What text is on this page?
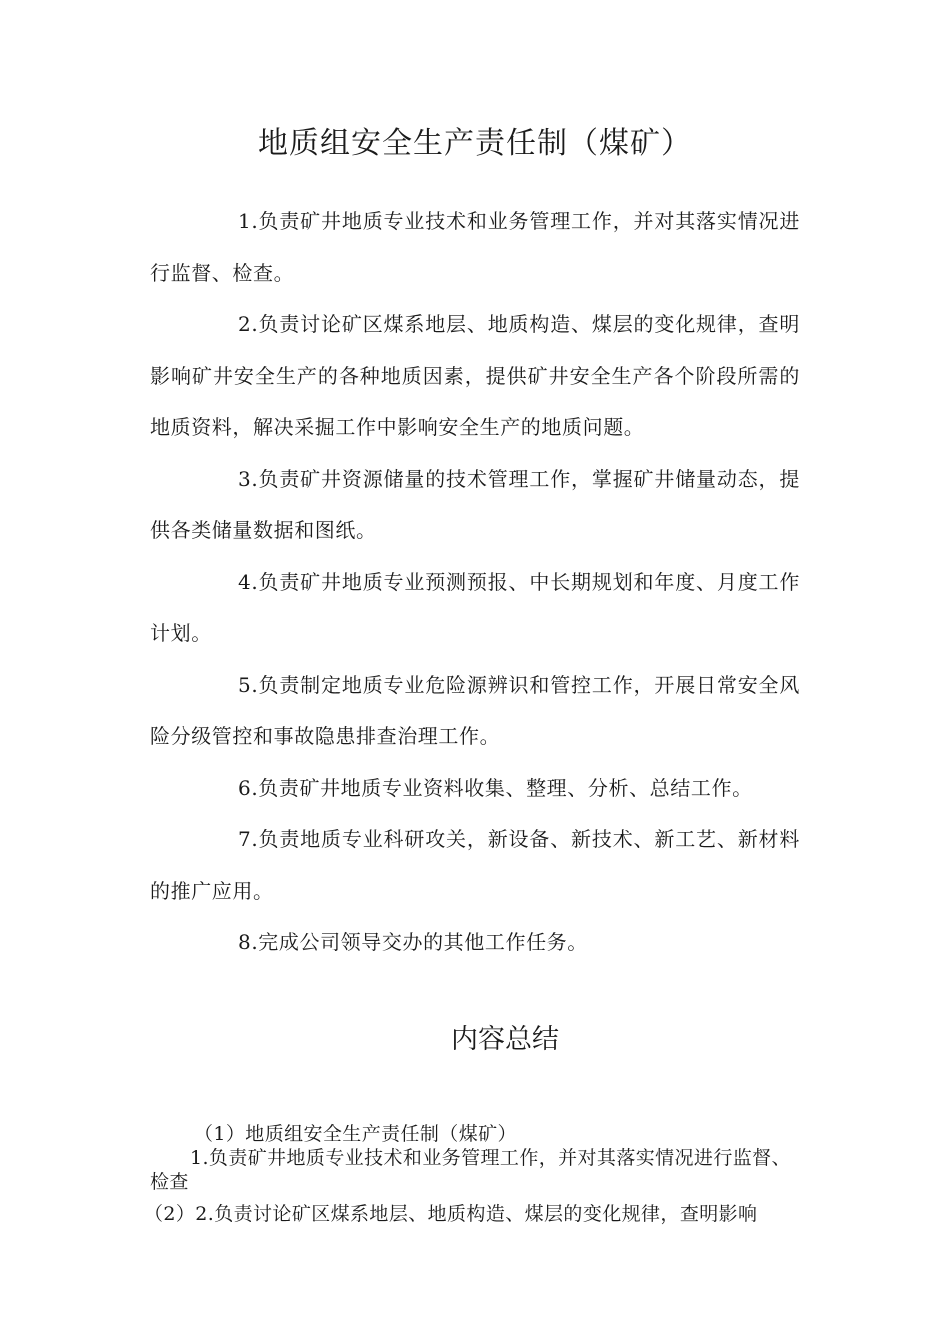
地质组安全生产责任制（煤矿）

1.负责矿井地质专业技术和业务管理工作，并对其落实情况进行监督、检查。

2.负责讨论矿区煤系地层、地质构造、煤层的变化规律，查明影响矿井安全生产的各种地质因素，提供矿井安全生产各个阶段所需的地质资料，解决采掘工作中影响安全生产的地质问题。

3.负责矿井资源储量的技术管理工作，掌握矿井储量动态，提供各类储量数据和图纸。

4.负责矿井地质专业预测预报、中长期规划和年度、月度工作计划。

5.负责制定地质专业危险源辨识和管控工作，开展日常安全风险分级管控和事故隐患排查治理工作。

6.负责矿井地质专业资料收集、整理、分析、总结工作。

7.负责地质专业科研攻关，新设备、新技术、新工艺、新材料的推广应用。

8.完成公司领导交办的其他工作任务。

内容总结

（1）地质组安全生产责任制（煤矿）

1.负责矿井地质专业技术和业务管理工作，并对其落实情况进行监督、检查

（2）2.负责讨论矿区煤系地层、地质构造、煤层的变化规律，查明影响
